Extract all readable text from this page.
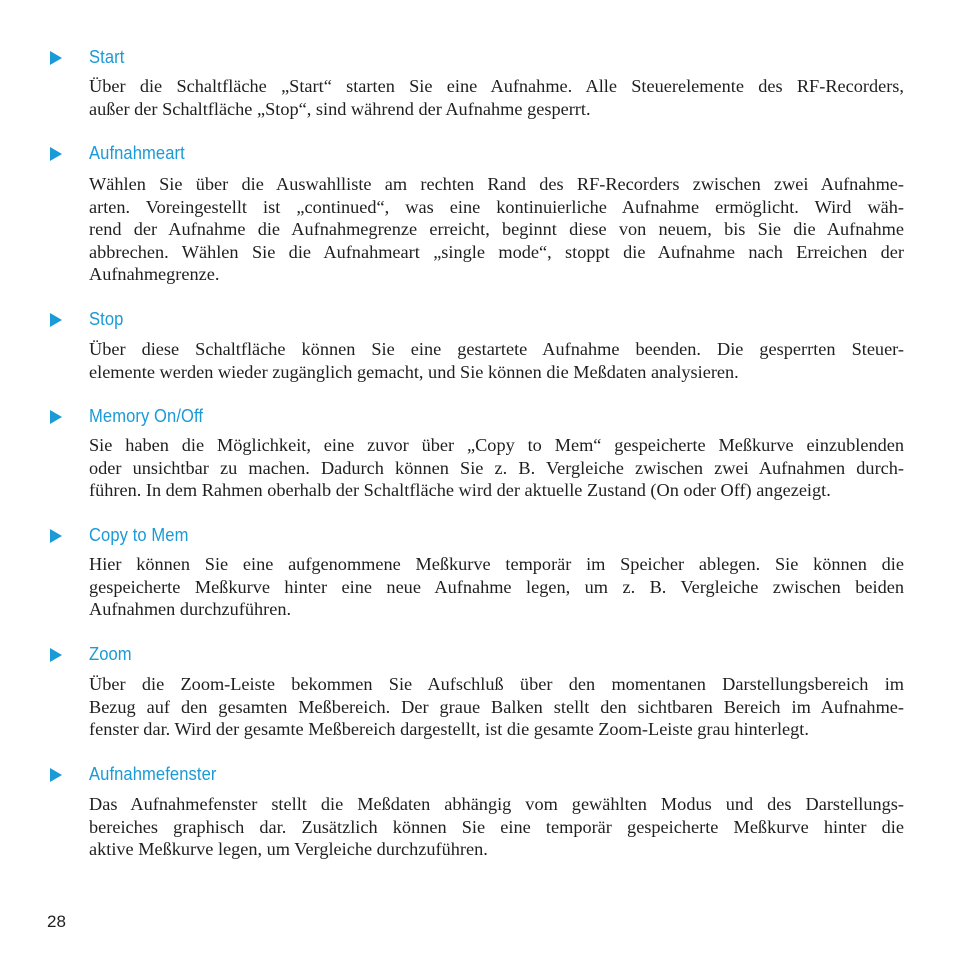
Start
Über die Schaltfläche „Start“ starten Sie eine Aufnahme. Alle Steuerelemente des RF-Recorders,
außer der Schaltfläche „Stop“, sind während der Aufnahme gesperrt.
Aufnahmeart
Wählen Sie über die Auswahlliste am rechten Rand des RF-Recorders zwischen zwei Aufnahme-
arten. Voreingestellt ist „continued“, was eine kontinuierliche Aufnahme ermöglicht. Wird wäh-
rend der Aufnahme die Aufnahmegrenze erreicht, beginnt diese von neuem, bis Sie die Aufnahme
abbrechen. Wählen Sie die Aufnahmeart „single mode“, stoppt die Aufnahme nach Erreichen der
Aufnahmegrenze.
Stop
Über diese Schaltfläche können Sie eine gestartete Aufnahme beenden. Die gesperrten Steuer-
elemente werden wieder zugänglich gemacht, und Sie können die Meßdaten analysieren.
Memory On/Off
Sie haben die Möglichkeit, eine zuvor über „Copy to Mem“ gespeicherte Meßkurve einzublenden
oder unsichtbar zu machen. Dadurch können Sie z. B. Vergleiche zwischen zwei Aufnahmen durch-
führen. In dem Rahmen oberhalb der Schaltfläche wird der aktuelle Zustand (On oder Off) angezeigt.
Copy to Mem
Hier können Sie eine aufgenommene Meßkurve temporär im Speicher ablegen. Sie können die
gespeicherte Meßkurve hinter eine neue Aufnahme legen, um z. B. Vergleiche zwischen beiden
Aufnahmen durchzuführen.
Zoom
Über die Zoom-Leiste bekommen Sie Aufschluß über den momentanen Darstellungsbereich im
Bezug auf den gesamten Meßbereich. Der graue Balken stellt den sichtbaren Bereich im Aufnahme-
fenster dar. Wird der gesamte Meßbereich dargestellt, ist die gesamte Zoom-Leiste grau hinterlegt.
Aufnahmefenster
Das Aufnahmefenster stellt die Meßdaten abhängig vom gewählten Modus und des Darstellungs-
bereiches graphisch dar. Zusätzlich können Sie eine temporär gespeicherte Meßkurve hinter die
aktive Meßkurve legen, um Vergleiche durchzuführen.
28
